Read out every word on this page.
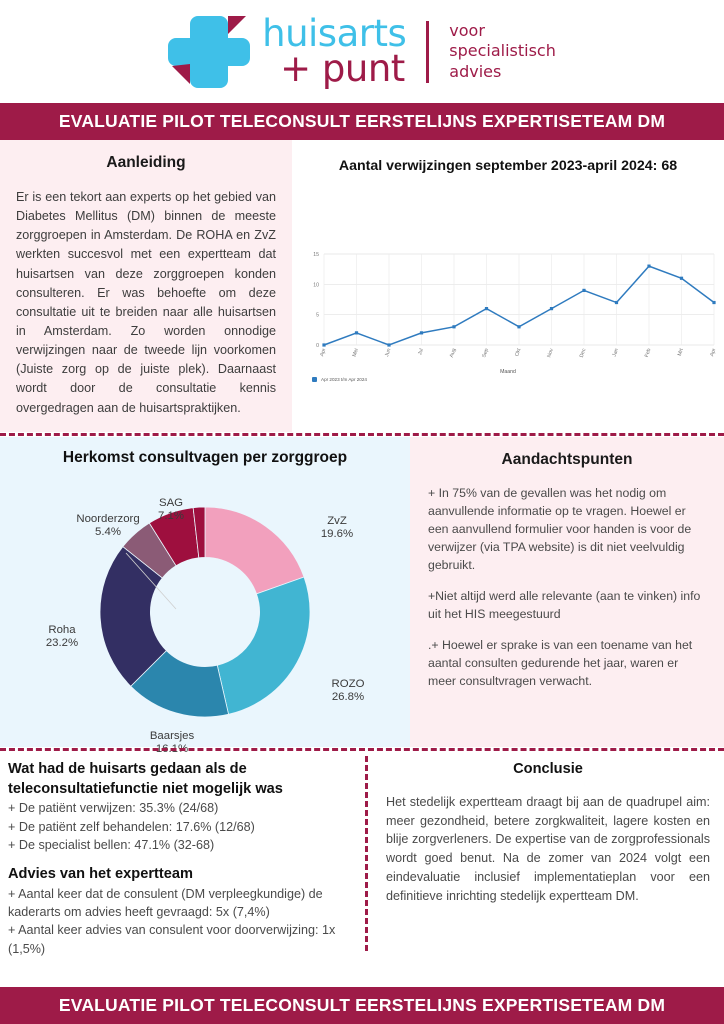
huisarts
+ punt
voor
specialistisch
advies
EVALUATIE PILOT TELECONSULT EERSTELIJNS EXPERTISETEAM DM
Aanleiding

Er is een tekort aan experts op het gebied van Diabetes Mellitus (DM) binnen de meeste zorggroepen in Amsterdam. De ROHA en ZvZ werkten succesvol met een expertteam dat huisartsen van deze zorggroepen konden consulteren. Er was behoefte om deze consultatie uit te breiden naar alle huisartsen in Amsterdam. Zo worden onnodige verwijzingen naar de tweede lijn voorkomen (Juiste zorg op de juiste plek). Daarnaast wordt door de consultatie kennis overgedragen aan de huisartspraktijken.

Aantal verwijzingen september 2023-april 2024: 68
0
5
10
15
Apr	Mei	Jun	Jul	Aug	Sep	Okt	Nov	Dec	Jan	Feb	Mrt	Apr
Maand
Apr 2023 t/m Apr 2024
Herkomst consultvagen per zorggroep
ZvZ
19.6%
ROZO
26.8%
Baarsjes
16.1%
Roha
23.2%
Noorderzorg
5.4%
SAG
7.1%
Aandachtspunten

+ In 75% van de gevallen was het nodig om aanvullende informatie op te vragen. Hoewel er een aanvullend formulier voor handen is voor de verwijzer (via TPA website) is dit niet veelvuldig gebruikt.

+Niet altijd werd alle relevante (aan te vinken) info uit het HIS meegestuurd

.+ Hoewel er sprake is van een toename van het aantal consulten gedurende het jaar, waren er meer consultvragen verwacht.

Wat had de huisarts gedaan als de
teleconsultatiefunctie niet mogelijk was
+ De patiënt verwijzen: 35.3% (24/68)
+ De patiënt zelf behandelen: 17.6% (12/68)
+ De specialist bellen: 47.1% (32-68)
Advies van het expertteam
+ Aantal keer dat de consulent (DM verpleegkundige) de kaderarts om advies heeft gevraagd: 5x (7,4%)
+ Aantal keer advies van consulent voor doorverwijzing: 1x (1,5%)
Conclusie

Het stedelijk expertteam draagt bij aan de quadrupel aim: meer gezondheid, betere zorgkwaliteit, lagere kosten en blije zorgverleners. De expertise van de zorgprofessionals wordt goed benut. Na de zomer van 2024 volgt een eindevaluatie inclusief implementatieplan voor een definitieve inrichting stedelijk expertteam DM.

EVALUATIE PILOT TELECONSULT EERSTELIJNS EXPERTISETEAM DM
